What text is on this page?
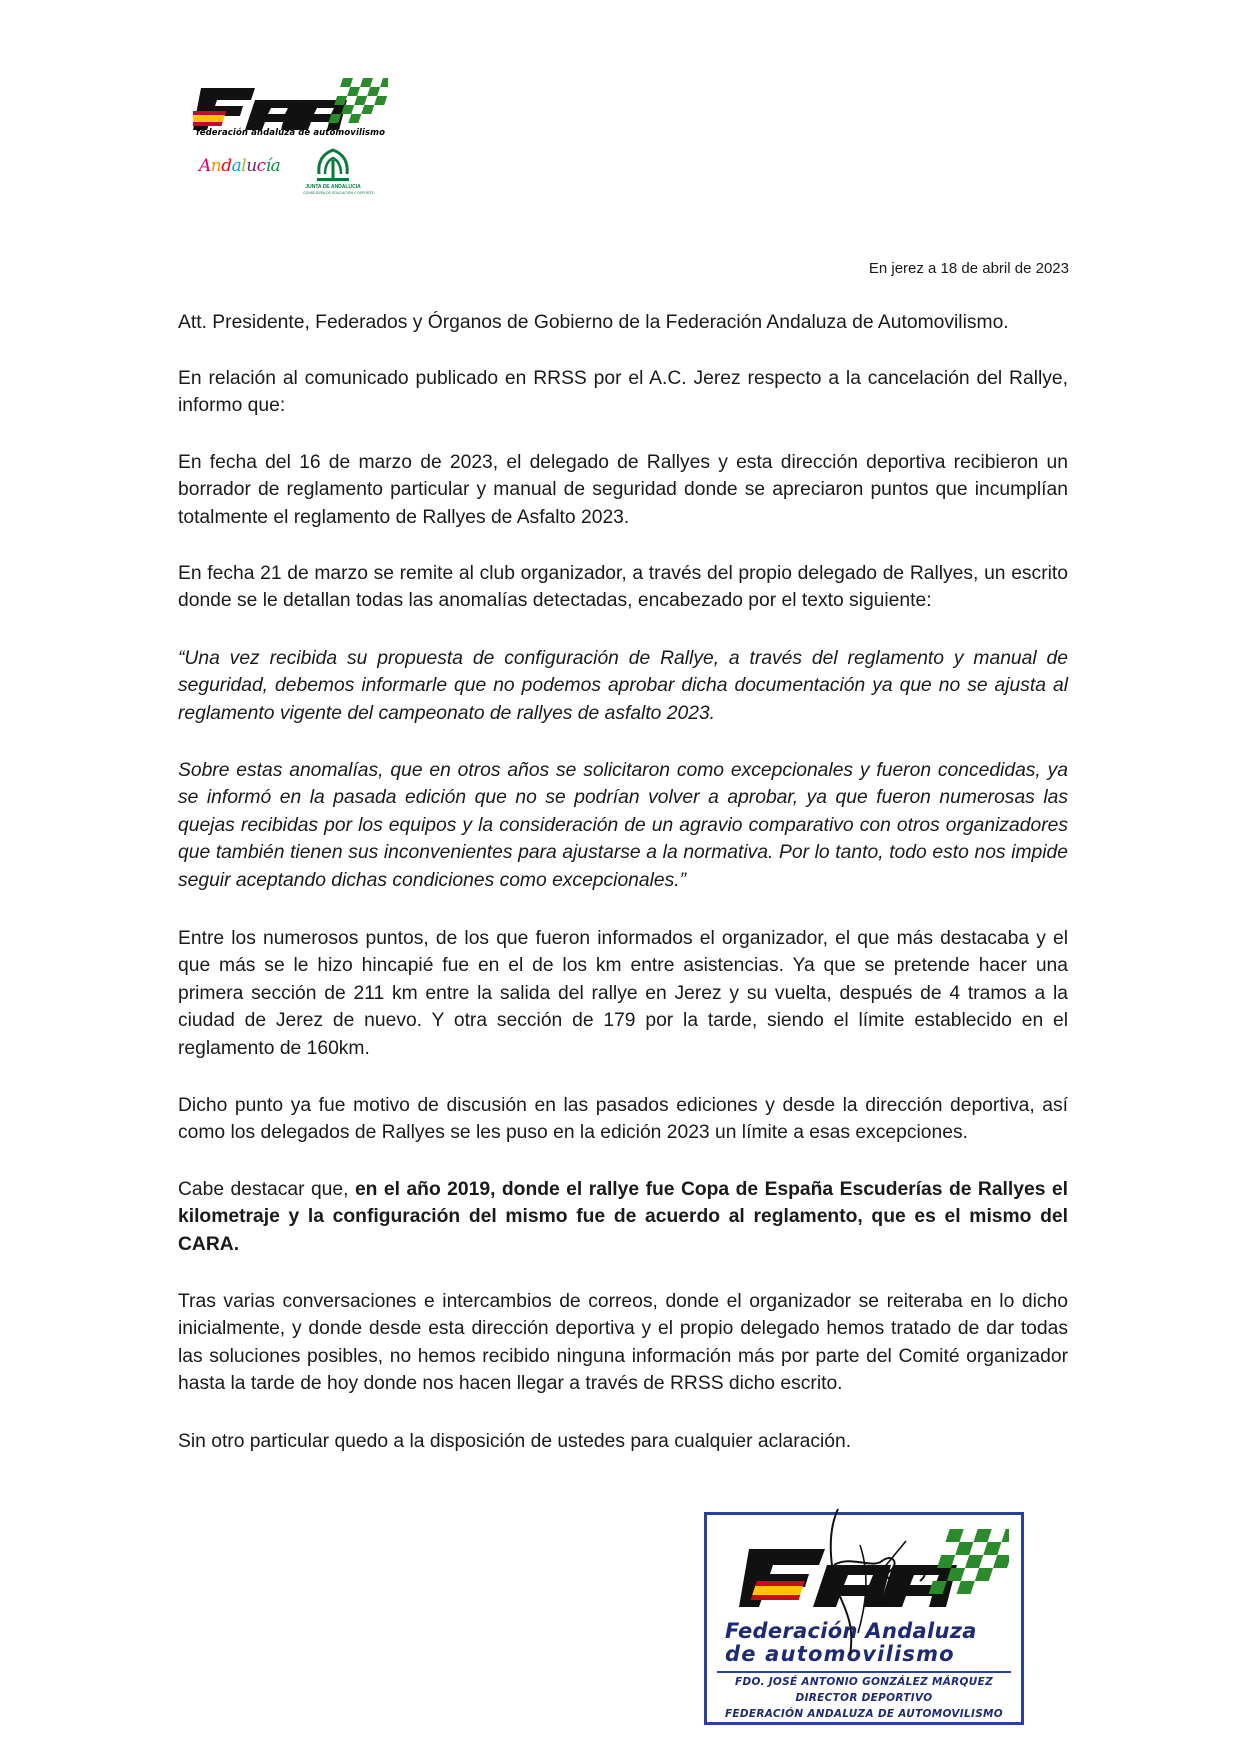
federación andaluza de automovilismo
Andalucía
JUNTA DE ANDALUCIA
CONSEJERÍA DE EDUCACIÓN Y DEPORTE
En jerez a 18 de abril de 2023

Att. Presidente, Federados y Órganos de Gobierno de la Federación Andaluza de Automovilismo.

En relación al comunicado publicado en RRSS por el A.C. Jerez respecto a la cancelación del Rallye, informo que:

En fecha del 16 de marzo de 2023, el delegado de Rallyes y esta dirección deportiva recibieron un borrador de reglamento particular y manual de seguridad donde se apreciaron puntos que incumplían totalmente el reglamento de Rallyes de Asfalto 2023.

En fecha 21 de marzo se remite al club organizador, a través del propio delegado de Rallyes, un escrito donde se le detallan todas las anomalías detectadas, encabezado por el texto siguiente:

“Una vez recibida su propuesta de configuración de Rallye, a través del reglamento y manual de seguridad, debemos informarle que no podemos aprobar dicha documentación ya que no se ajusta al reglamento vigente del campeonato de rallyes de asfalto 2023.

Sobre estas anomalías, que en otros años se solicitaron como excepcionales y fueron concedidas, ya se informó en la pasada edición que no se podrían volver a aprobar, ya que fueron numerosas las quejas recibidas por los equipos y la consideración de un agravio comparativo con otros organizadores que también tienen sus inconvenientes para ajustarse a la normativa. Por lo tanto, todo esto nos impide seguir aceptando dichas condiciones como excepcionales.”

Entre los numerosos puntos, de los que fueron informados el organizador, el que más destacaba y el que más se le hizo hincapié fue en el de los km entre asistencias. Ya que se pretende hacer una primera sección de 211 km entre la salida del rallye en Jerez y su vuelta, después de 4 tramos a la ciudad de Jerez de nuevo. Y otra sección de 179 por la tarde, siendo el límite establecido en el reglamento de 160km.

Dicho punto ya fue motivo de discusión en las pasados ediciones y desde la dirección deportiva, así como los delegados de Rallyes se les puso en la edición 2023 un límite a esas excepciones.

Cabe destacar que, en el año 2019, donde el rallye fue Copa de España Escuderías de Rallyes el kilometraje y la configuración del mismo fue de acuerdo al reglamento, que es el mismo del CARA.

Tras varias conversaciones e intercambios de correos, donde el organizador se reiteraba en lo dicho inicialmente, y donde desde esta dirección deportiva y el propio delegado hemos tratado de dar todas las soluciones posibles, no hemos recibido ninguna información más por parte del Comité organizador hasta la tarde de hoy donde nos hacen llegar a través de RRSS dicho escrito.

Sin otro particular quedo a la disposición de ustedes para cualquier aclaración.

Federación Andaluza
de automovilismo
FDO. JOSÉ ANTONIO GONZÁLEZ MÁRQUEZ
DIRECTOR DEPORTIVO
FEDERACIÓN ANDALUZA DE AUTOMOVILISMO
